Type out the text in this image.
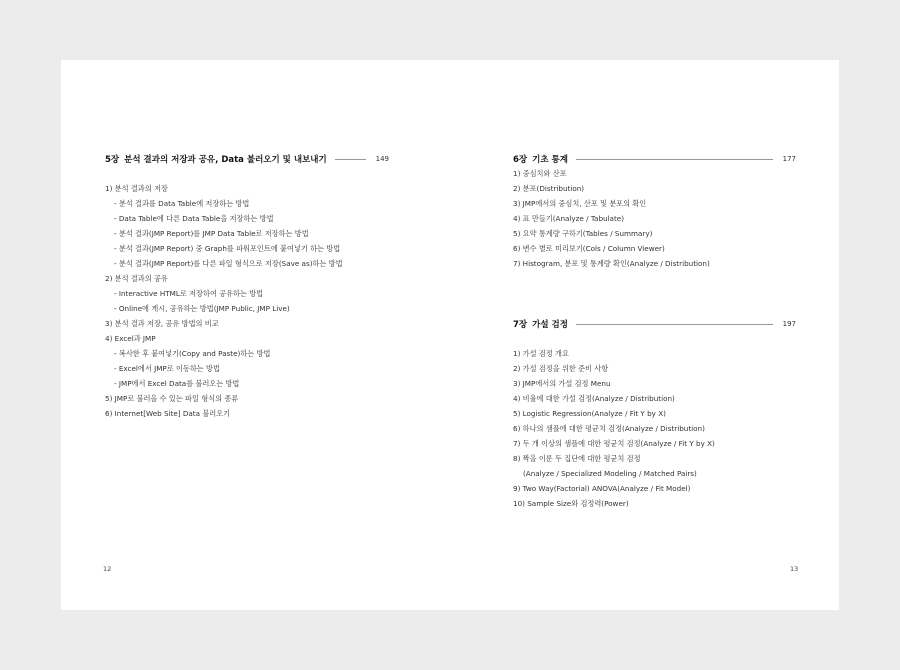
5장 분석 결과의 저장과 공유, Data 불러오기 및 내보내기	149
1) 분석 결과의 저장
- 분석 결과를 Data Table에 저장하는 방법
- Data Table에 다른 Data Table을 저장하는 방법
- 분석 결과(JMP Report)를 JMP Data Table로 저장하는 방법
- 분석 결과(JMP Report) 중 Graph를 파워포인트에 붙여넣기 하는 방법
- 분석 결과(JMP Report)를 다른 파일 형식으로 저장(Save as)하는 방법
2) 분석 결과의 공유
- Interactive HTML로 저장하여 공유하는 방법
- Online에 게시, 공유하는 방법(JMP Public, JMP Live)
3) 분석 결과 저장, 공유 방법의 비교
4) Excel과 JMP
- 복사한 후 붙여넣기(Copy and Paste)하는 방법
- Excel에서 JMP로 이동하는 방법
- JMP에서 Excel Data를 불러오는 방법
5) JMP로 불러올 수 있는 파일 형식의 종류
6) Internet[Web Site] Data 불러오기
12
6장 기초 통계	177
1) 중심치와 산포
2) 분포(Distribution)
3) JMP에서의 중심치, 산포 및 분포의 확인
4) 표 만들기(Analyze / Tabulate)
5) 요약 통계량 구하기(Tables / Summary)
6) 변수 별로 미리보기(Cols / Column Viewer)
7) Histogram, 분포 및 통계량 확인(Analyze / Distribution)
7장 가설 검정	197
1) 가설 검정 개요
2) 가설 검정을 위한 준비 사항
3) JMP에서의 가설 검정 Menu
4) 비율에 대한 가설 검정(Analyze / Distribution)
5) Logistic Regression(Analyze / Fit Y by X)
6) 하나의 샘플에 대한 평균치 검정(Analyze / Distribution)
7) 두 개 이상의 샘플에 대한 평균치 검정(Analyze / Fit Y by X)
8) 짝을 이룬 두 집단에 대한 평균치 검정
(Analyze / Specialized Modeling / Matched Pairs)
9) Two Way(Factorial) ANOVA(Analyze / Fit Model)
10) Sample Size와 검정력(Power)
13
